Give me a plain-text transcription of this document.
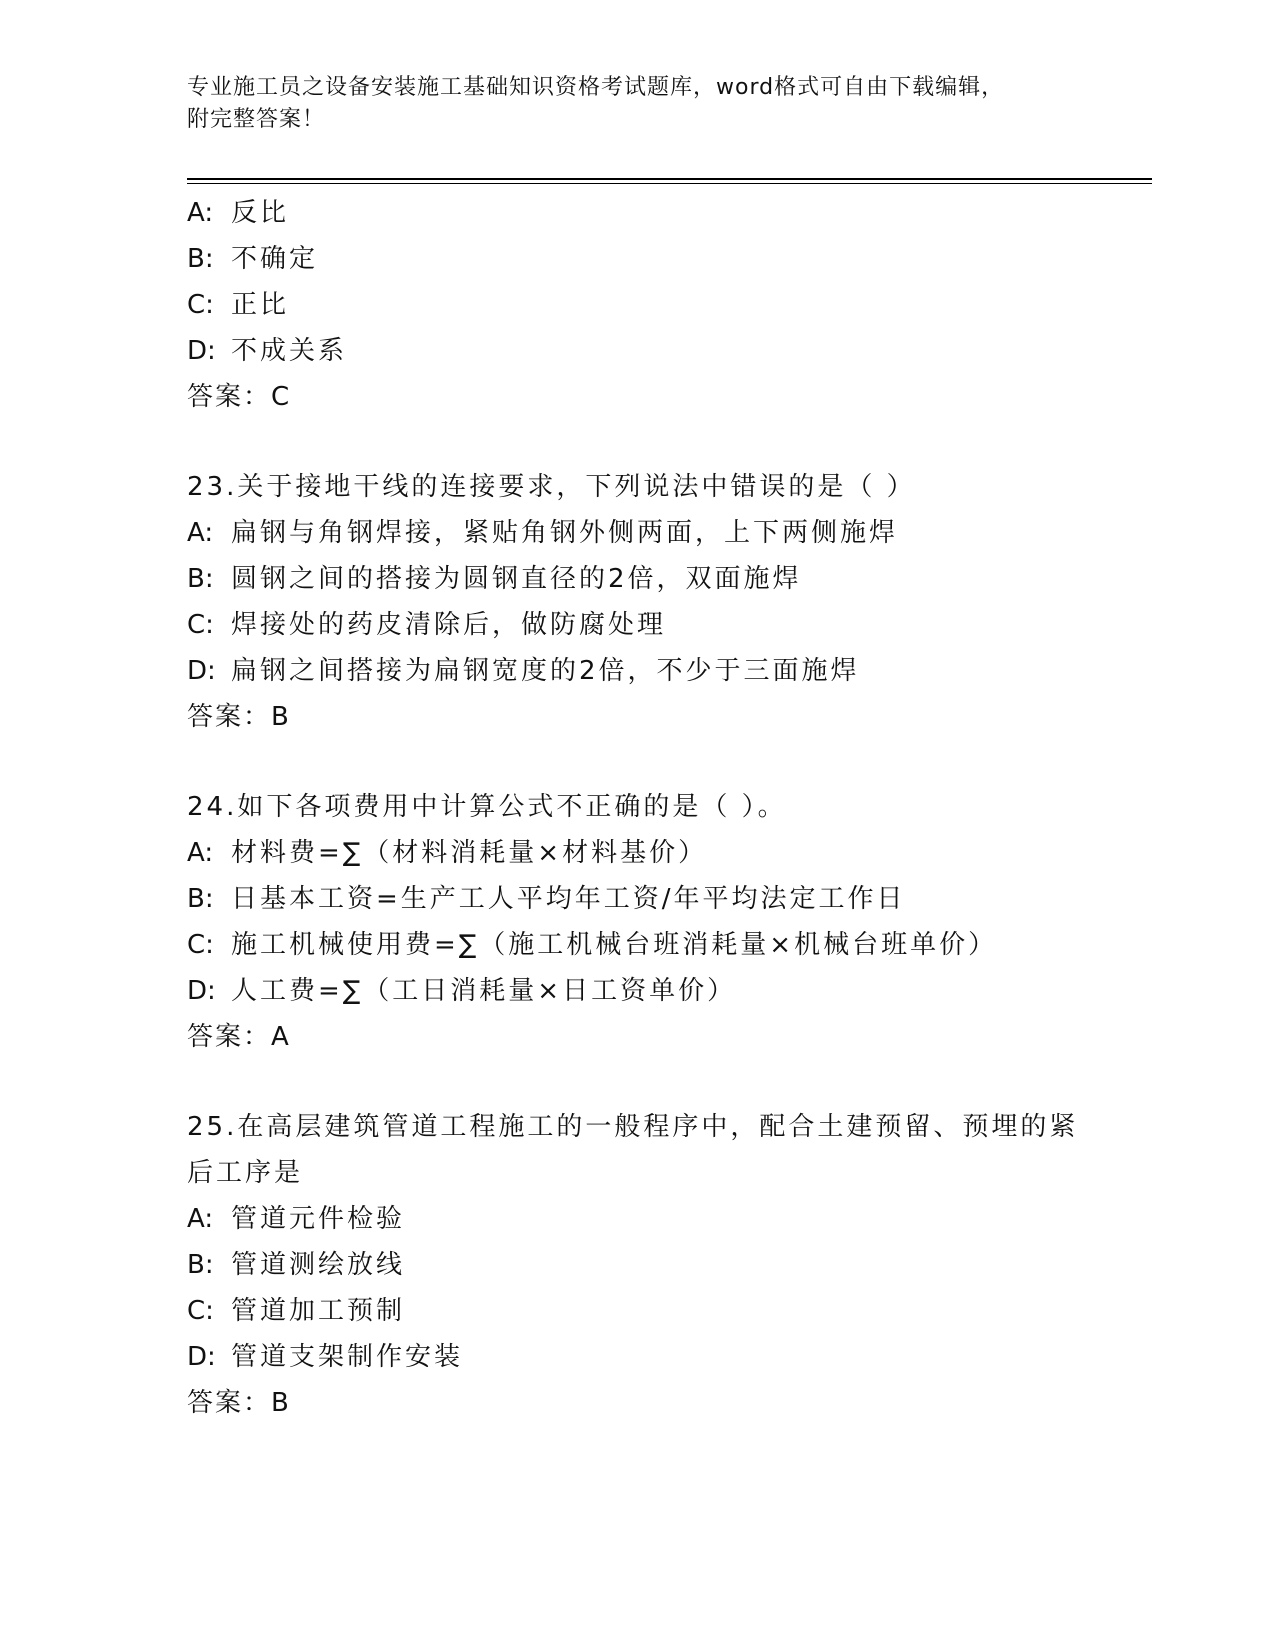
专业施工员之设备安装施工基础知识资格考试题库，word格式可自由下载编辑，
附完整答案！
A: 反比
B: 不确定
C: 正比
D: 不成关系
答案：C
23.关于接地干线的连接要求，下列说法中错误的是（ ）
A: 扁钢与角钢焊接，紧贴角钢外侧两面，上下两侧施焊
B: 圆钢之间的搭接为圆钢直径的2倍，双面施焊
C: 焊接处的药皮清除后，做防腐处理
D: 扁钢之间搭接为扁钢宽度的2倍，不少于三面施焊
答案：B
24.如下各项费用中计算公式不正确的是（ ）。
A: 材料费=∑（材料消耗量×材料基价）
B: 日基本工资=生产工人平均年工资/年平均法定工作日
C: 施工机械使用费=∑（施工机械台班消耗量×机械台班单价）
D: 人工费=∑（工日消耗量×日工资单价）
答案：A
25.在高层建筑管道工程施工的一般程序中，配合土建预留、预埋的紧
后工序是
A: 管道元件检验
B: 管道测绘放线
C: 管道加工预制
D: 管道支架制作安装
答案：B
